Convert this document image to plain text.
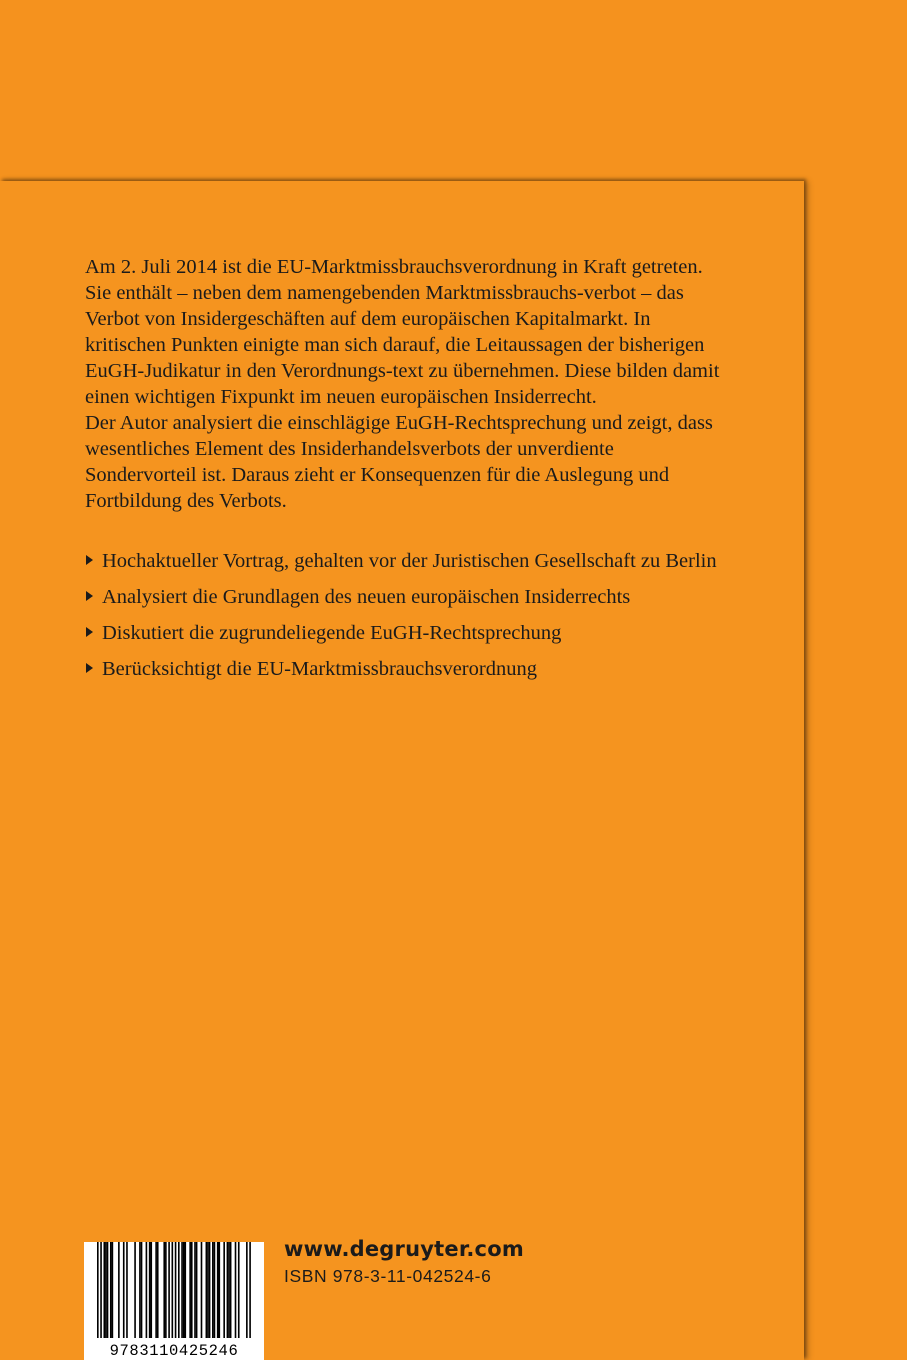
Am 2. Juli 2014 ist die EU-Marktmissbrauchsverordnung in Kraft getreten. Sie enthält – neben dem namengebenden Marktmissbrauchs-verbot – das Verbot von Insidergeschäften auf dem europäischen Kapitalmarkt. In kritischen Punkten einigte man sich darauf, die Leitaussagen der bisherigen EuGH-Judikatur in den Verordnungs-text zu übernehmen. Diese bilden damit einen wichtigen Fixpunkt im neuen europäischen Insiderrecht.

Der Autor analysiert die einschlägige EuGH-Rechtsprechung und zeigt, dass wesentliches Element des Insiderhandelsverbots der unverdiente Sondervorteil ist. Daraus zieht er Konsequenzen für die Auslegung und Fortbildung des Verbots.

Hochaktueller Vortrag, gehalten vor der Juristischen Gesellschaft zu Berlin
Analysiert die Grundlagen des neuen europäischen Insiderrechts
Diskutiert die zugrundeliegende EuGH-Rechtsprechung
Berücksichtigt die EU-Marktmissbrauchsverordnung
9783110425246
www.degruyter.com
ISBN 978-3-11-042524-6
